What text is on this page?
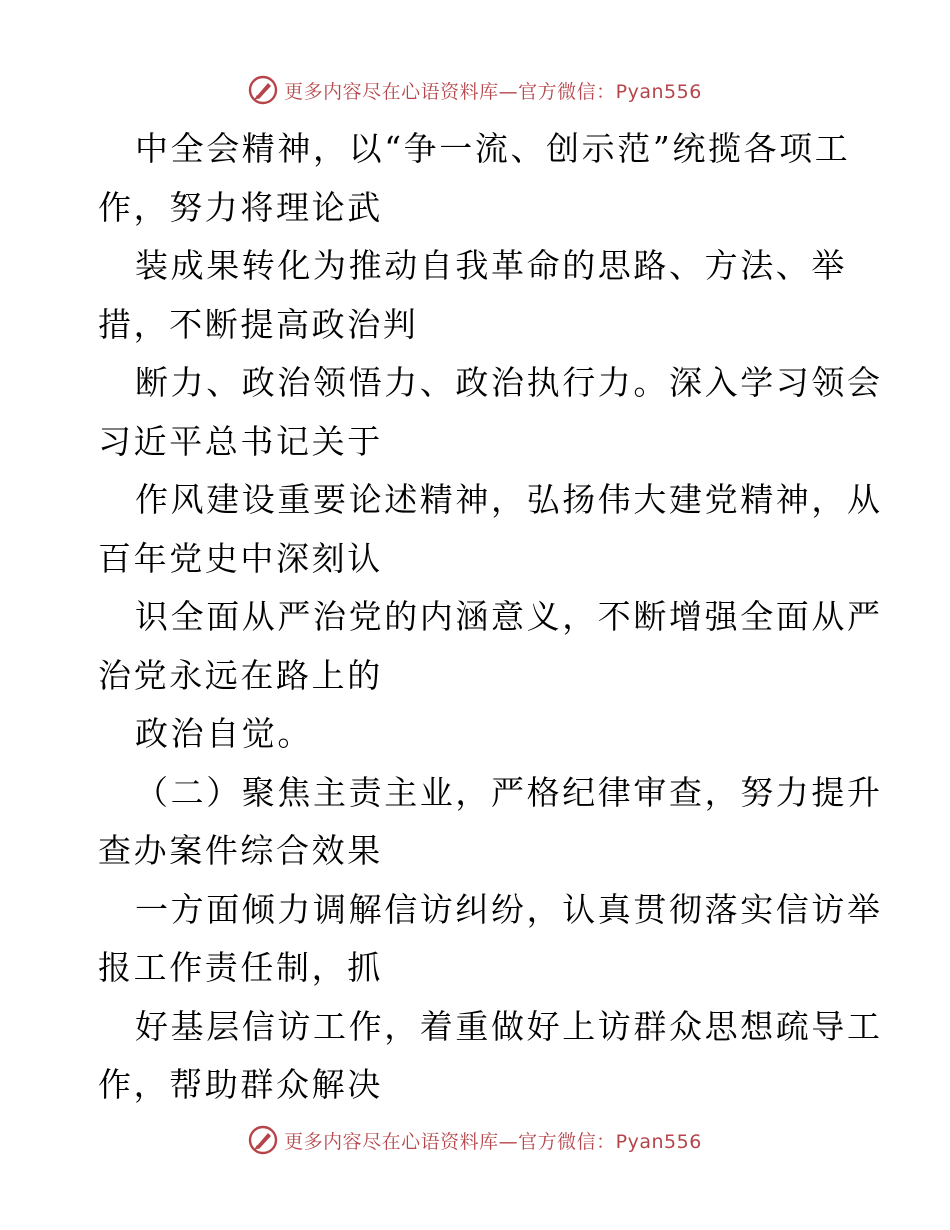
更多内容尽在心语资料库—官方微信：Pyan556
中全会精神，以“争一流、创示范”统揽各项工
作，努力将理论武
装成果转化为推动自我革命的思路、方法、举
措，不断提高政治判
断力、政治领悟力、政治执行力。深入学习领会
习近平总书记关于
作风建设重要论述精神，弘扬伟大建党精神，从
百年党史中深刻认
识全面从严治党的内涵意义，不断增强全面从严
治党永远在路上的
政治自觉。
（二）聚焦主责主业，严格纪律审查，努力提升
查办案件综合效果
一方面倾力调解信访纠纷，认真贯彻落实信访举
报工作责任制，抓
好基层信访工作，着重做好上访群众思想疏导工
作，帮助群众解决
更多内容尽在心语资料库—官方微信：Pyan556
